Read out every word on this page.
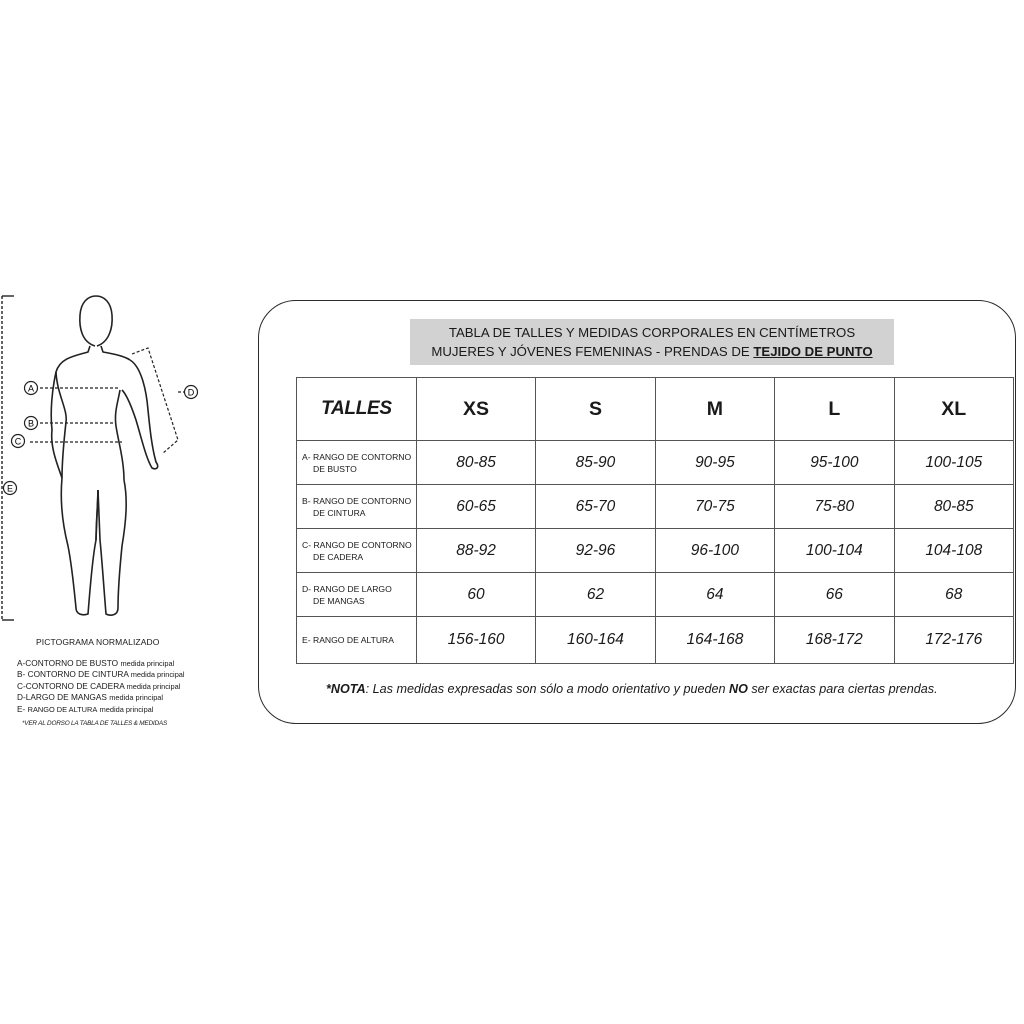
A
B
C
D
E
PICTOGRAMA NORMALIZADO
A-CONTORNO DE BUSTO medida principal
B- CONTORNO DE CINTURA medida principal
C-CONTORNO DE CADERA medida principal
D-LARGO DE MANGAS medida principal
E- RANGO DE ALTURA medida principal
*VER AL DORSO LA TABLA DE TALLES & MEDIDAS
TABLA DE TALLES Y MEDIDAS CORPORALES EN CENTÍMETROS
MUJERES Y JÓVENES FEMENINAS - PRENDAS DE TEJIDO DE PUNTO
TALLES	XS	S	M	L	XL
A- RANGO DE CONTORNO
DE BUSTO	80-85	85-90	90-95	95-100	100-105
B- RANGO DE CONTORNO
DE CINTURA	60-65	65-70	70-75	75-80	80-85
C- RANGO DE CONTORNO
DE CADERA	88-92	92-96	96-100	100-104	104-108
D- RANGO DE LARGO
DE MANGAS	60	62	64	66	68
E- RANGO DE ALTURA	156-160	160-164	164-168	168-172	172-176
*NOTA: Las medidas expresadas son sólo a modo orientativo y pueden NO ser exactas para ciertas prendas.
